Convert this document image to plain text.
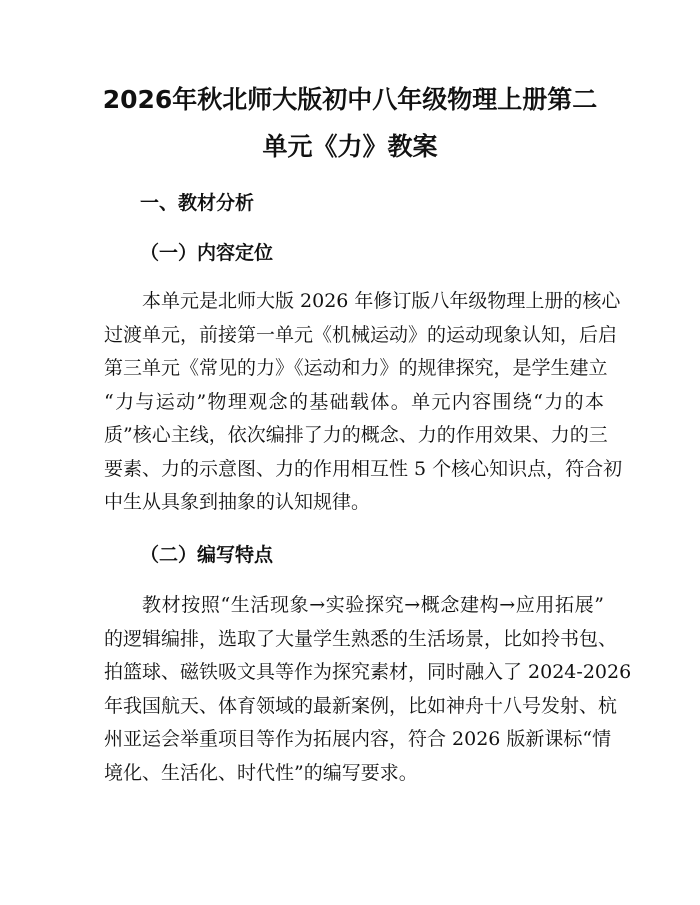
2026年秋北师大版初中八年级物理上册第二
单元《力》教案
一、教材分析
（一）内容定位

本单元是北师大版 2026 年修订版八年级物理上册的核心
过渡单元，前接第一单元《机械运动》的运动现象认知，后启
第三单元《常见的力》《运动和力》的规律探究，是学生建立
“力与运动”物理观念的基础载体。单元内容围绕“力的本
质”核心主线，依次编排了力的概念、力的作用效果、力的三
要素、力的示意图、力的作用相互性 5 个核心知识点，符合初
中生从具象到抽象的认知规律。

（二）编写特点

教材按照“生活现象→实验探究→概念建构→应用拓展”
的逻辑编排，选取了大量学生熟悉的生活场景，比如拎书包、
拍篮球、磁铁吸文具等作为探究素材，同时融入了 2024-2026
年我国航天、体育领域的最新案例，比如神舟十八号发射、杭
州亚运会举重项目等作为拓展内容，符合 2026 版新课标“情
境化、生活化、时代性”的编写要求。
